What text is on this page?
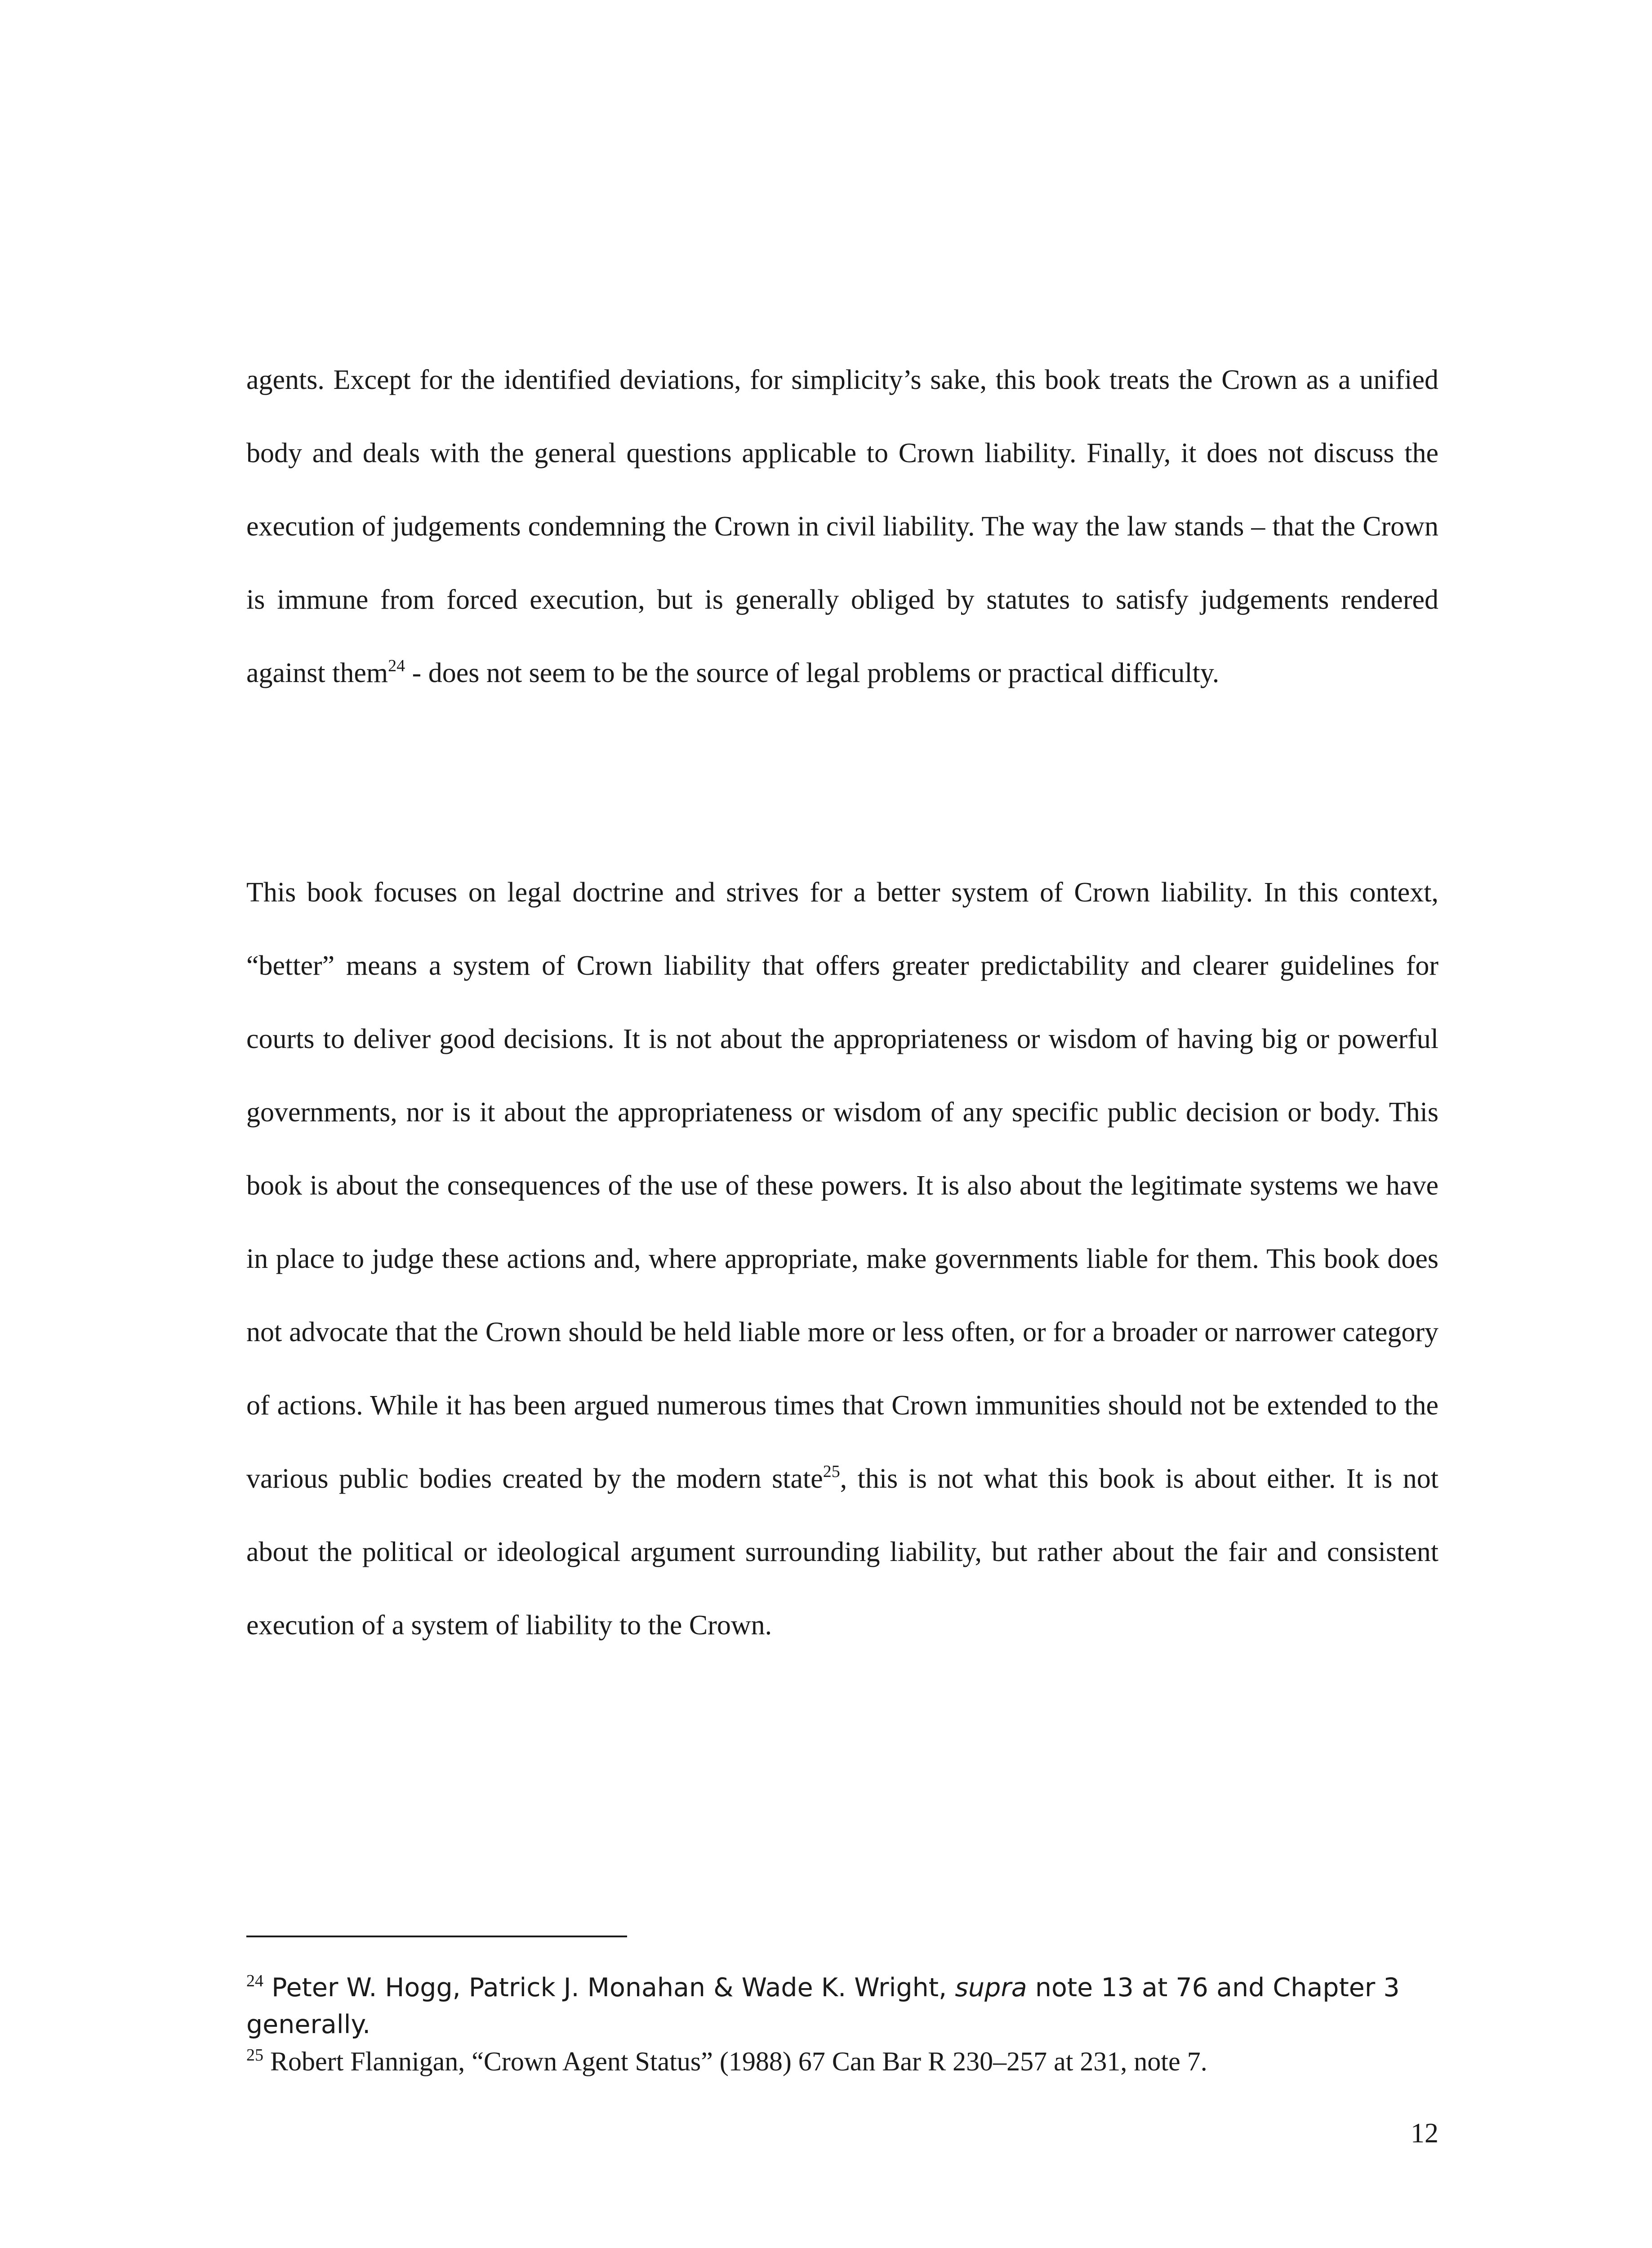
agents. Except for the identified deviations, for simplicity’s sake, this book treats the Crown as a unified body and deals with the general questions applicable to Crown liability. Finally, it does not discuss the execution of judgements condemning the Crown in civil liability. The way the law stands – that the Crown is immune from forced execution, but is generally obliged by statutes to satisfy judgements rendered against them$^{24}$ - does not seem to be the source of legal problems or practical difficulty.

This book focuses on legal doctrine and strives for a better system of Crown liability. In this context, “better” means a system of Crown liability that offers greater predictability and clearer guidelines for courts to deliver good decisions. It is not about the appropriateness or wisdom of having big or powerful governments, nor is it about the appropriateness or wisdom of any specific public decision or body. This book is about the consequences of the use of these powers. It is also about the legitimate systems we have in place to judge these actions and, where appropriate, make governments liable for them. This book does not advocate that the Crown should be held liable more or less often, or for a broader or narrower category of actions. While it has been argued numerous times that Crown immunities should not be extended to the various public bodies created by the modern state$^{25}$, this is not what this book is about either. It is not about the political or ideological argument surrounding liability, but rather about the fair and consistent execution of a system of liability to the Crown.

$^{24}$ Peter W. Hogg, Patrick J. Monahan & Wade K. Wright, supra note 13 at 76 and Chapter 3 generally.

$^{25}$ Robert Flannigan, “Crown Agent Status” (1988) 67 Can Bar R 230–257 at 231, note 7.

12
